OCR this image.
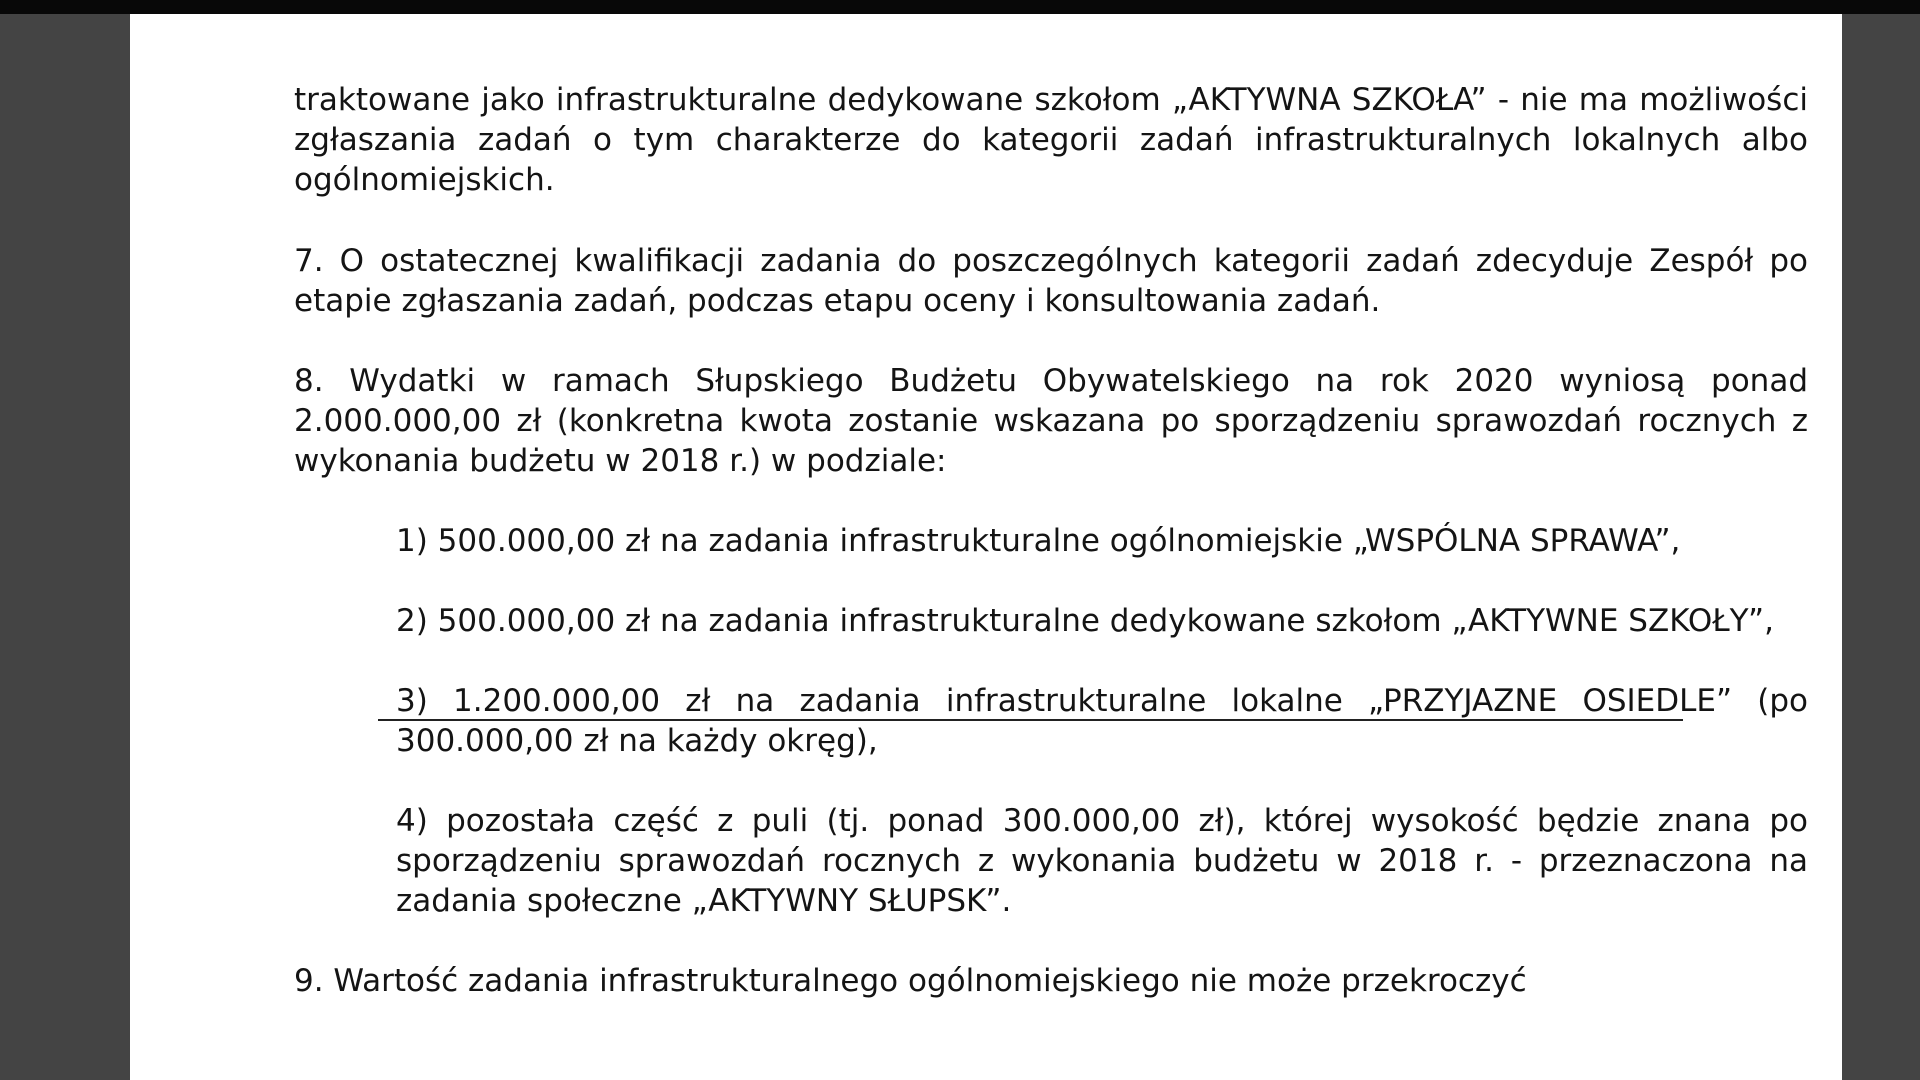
traktowane jako infrastrukturalne dedykowane szkołom „AKTYWNA SZKOŁA” - nie ma możliwości zgłaszania zadań o tym charakterze do kategorii zadań infrastrukturalnych lokalnych albo ogólnomiejskich.

7. O ostatecznej kwalifikacji zadania do poszczególnych kategorii zadań zdecyduje Zespół po etapie zgłaszania zadań, podczas etapu oceny i konsultowania zadań.

8. Wydatki w ramach Słupskiego Budżetu Obywatelskiego na rok 2020 wyniosą ponad 2.000.000,00 zł (konkretna kwota zostanie wskazana po sporządzeniu sprawozdań rocznych z wykonania budżetu w 2018 r.) w podziale:

1) 500.000,00 zł na zadania infrastrukturalne ogólnomiejskie „WSPÓLNA SPRAWA”,

2) 500.000,00 zł na zadania infrastrukturalne dedykowane szkołom „AKTYWNE SZKOŁY”,

3) 1.200.000,00 zł na zadania infrastrukturalne lokalne „PRZYJAZNE OSIEDLE” (po 300.000,00 zł na każdy okręg),

4) pozostała część z puli (tj. ponad 300.000,00 zł), której wysokość będzie znana po sporządzeniu sprawozdań rocznych z wykonania budżetu w 2018 r. - przeznaczona na zadania społeczne „AKTYWNY SŁUPSK”.

9. Wartość zadania infrastrukturalnego ogólnomiejskiego nie może przekroczyć
